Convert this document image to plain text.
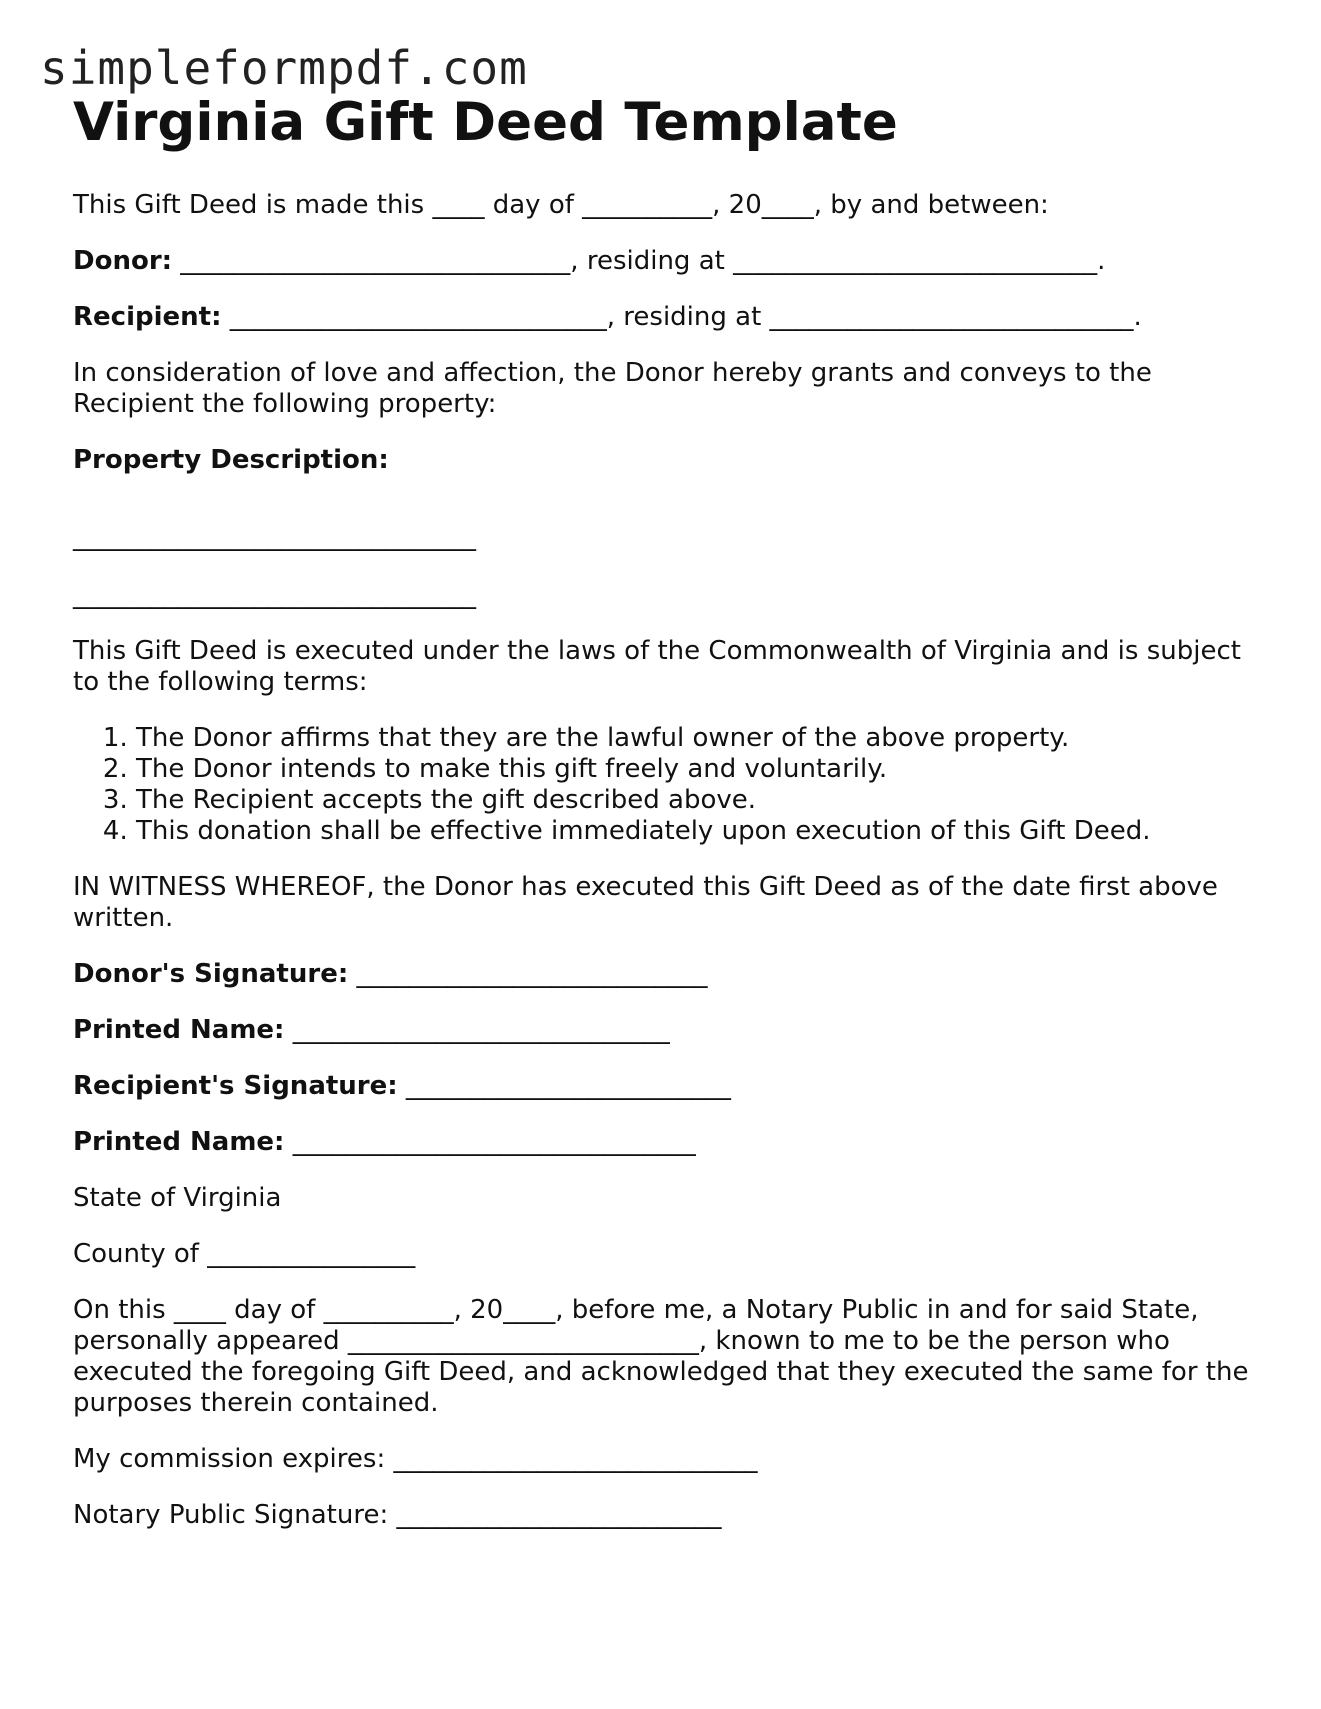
simpleformpdf.com
Virginia Gift Deed Template

This Gift Deed is made this ____ day of __________, 20____, by and between:

Donor: ______________________________, residing at ____________________________.

Recipient: _____________________________, residing at ____________________________.

In consideration of love and affection, the Donor hereby grants and conveys to the Recipient the following property:

Property Description:

_______________________________

_______________________________

This Gift Deed is executed under the laws of the Commonwealth of Virginia and is subject to the following terms:

1. The Donor affirms that they are the lawful owner of the above property.
2. The Donor intends to make this gift freely and voluntarily.
3. The Recipient accepts the gift described above.
4. This donation shall be effective immediately upon execution of this Gift Deed.

IN WITNESS WHEREOF, the Donor has executed this Gift Deed as of the date first above written.

Donor's Signature: ___________________________

Printed Name: _____________________________

Recipient's Signature: _________________________

Printed Name: _______________________________

State of Virginia

County of ________________

On this ____ day of __________, 20____, before me, a Notary Public in and for said State, personally appeared ___________________________, known to me to be the person who executed the foregoing Gift Deed, and acknowledged that they executed the same for the purposes therein contained.

My commission expires: ____________________________

Notary Public Signature: _________________________
